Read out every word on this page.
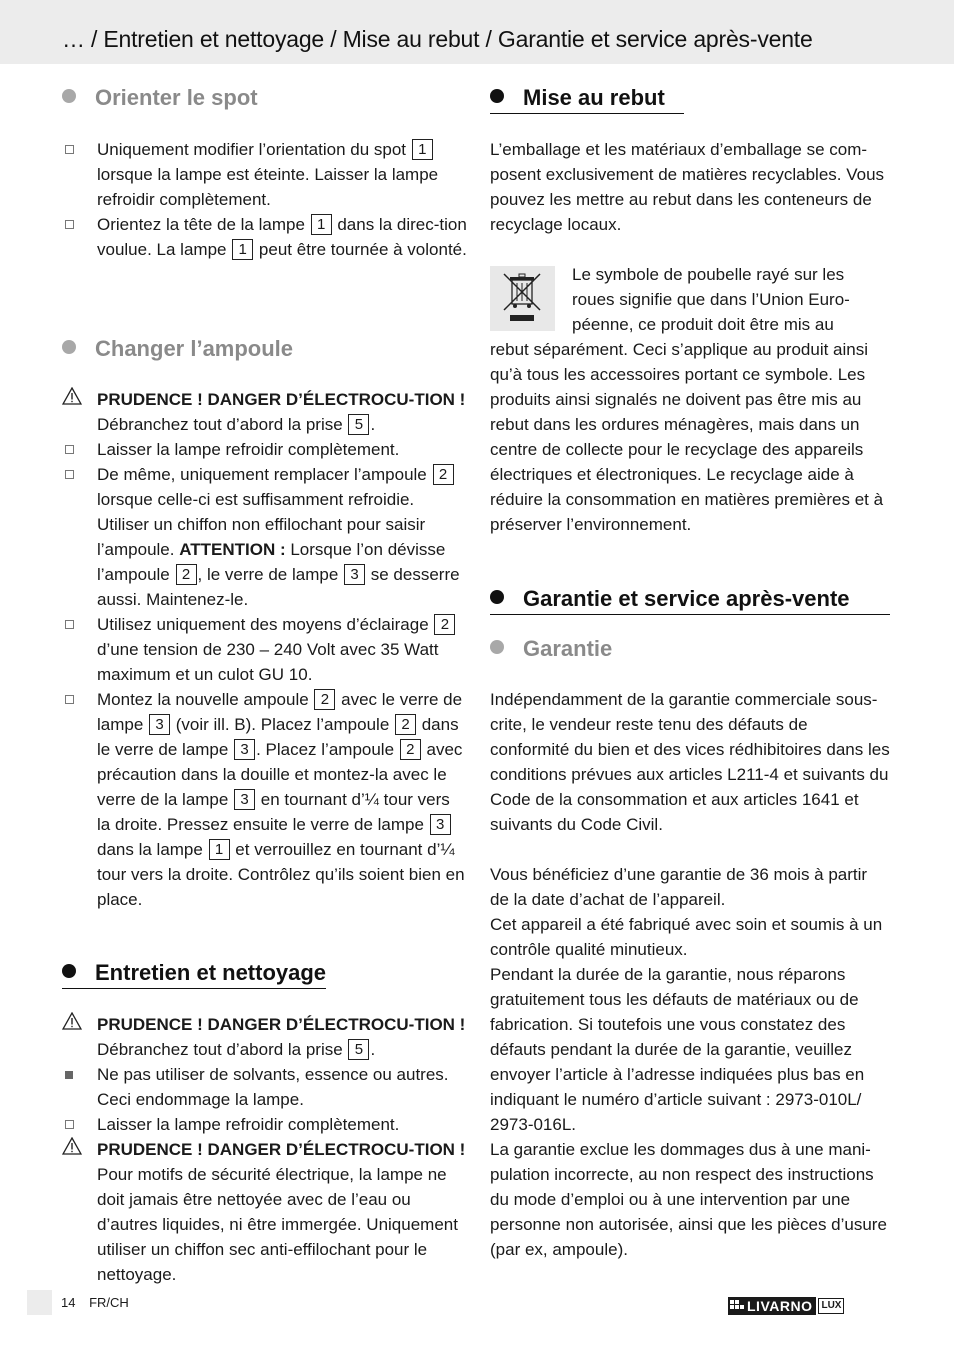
… / Entretien et nettoyage / Mise au rebut / Garantie et service après-vente
Orienter le spot
Uniquement modifier l’orientation du spot 1 lorsque la lampe est éteinte. Laisser la lampe refroidir complètement.
Orientez la tête de la lampe 1 dans la direc-tion voulue. La lampe 1 peut être tournée à volonté.
Changer l’ampoule
PRUDENCE ! DANGER D’ÉLECTROCU-TION ! Débranchez tout d’abord la prise 5 .
Laisser la lampe refroidir complètement.
De même, uniquement remplacer l’ampoule 2 lorsque celle-ci est suffisamment refroidie. Utiliser un chiffon non effilochant pour saisir l’ampoule. ATTENTION : Lorsque l’on dévisse l’ampoule 2 , le verre de lampe 3 se desserre aussi. Maintenez-le.
Utilisez uniquement des moyens d’éclairage 2 d’une tension de 230 – 240 Volt avec 35 Watt maximum et un culot GU 10.
Montez la nouvelle ampoule 2 avec le verre de lampe 3 (voir ill. B). Placez l’ampoule 2 dans le verre de lampe 3 . Placez l’ampoule 2 avec précaution dans la douille et montez-la avec le verre de la lampe 3 en tournant d’¼ tour vers la droite. Pressez ensuite le verre de lampe 3 dans la lampe 1 et verrouillez en tournant d’¼ tour vers la droite. Contrôlez qu’ils soient bien en place.
Entretien et nettoyage
PRUDENCE ! DANGER D’ÉLECTROCU-TION ! Débranchez tout d’abord la prise 5 .
Ne pas utiliser de solvants, essence ou autres. Ceci endommage la lampe.
Laisser la lampe refroidir complètement.
PRUDENCE ! DANGER D’ÉLECTROCU-TION ! Pour motifs de sécurité électrique, la lampe ne doit jamais être nettoyée avec de l’eau ou d’autres liquides, ni être immergée. Uniquement utiliser un chiffon sec anti-effilochant pour le nettoyage.
Mise au rebut
L’emballage et les matériaux d’emballage se com-posent exclusivement de matières recyclables. Vous pouvez les mettre au rebut dans les conteneurs de recyclage locaux.
Le symbole de poubelle rayé sur les roues signifie que dans l’Union Euro-péenne, ce produit doit être mis au
rebut séparément. Ceci s’applique au produit ainsi qu’à tous les accessoires portant ce symbole. Les produits ainsi signalés ne doivent pas être mis au rebut dans les ordures ménagères, mais dans un centre de collecte pour le recyclage des appareils électriques et électroniques. Le recyclage aide à réduire la consommation en matières premières et à préserver l’environnement.
Garantie et service après-vente
Garantie
Indépendamment de la garantie commerciale sous-crite, le vendeur reste tenu des défauts de conformité du bien et des vices rédhibitoires dans les conditions prévues aux articles L211-4 et suivants du Code de la consommation et aux articles 1641 et suivants du Code Civil.
Vous bénéficiez d’une garantie de 36 mois à partir de la date d’achat de l’appareil.
Cet appareil a été fabriqué avec soin et soumis à un contrôle qualité minutieux.
Pendant la durée de la garantie, nous réparons gratuitement tous les défauts de matériaux ou de fabrication. Si toutefois une vous constatez des défauts pendant la durée de la garantie, veuillez envoyer l’article à l’adresse indiquées plus bas en indiquant le numéro d’article suivant : 2973-010L/ 2973-016L.
La garantie exclue les dommages dus à une mani-pulation incorrecte, au non respect des instructions du mode d’emploi ou à une intervention par une personne non autorisée, ainsi que les pièces d’usure (par ex, ampoule).
14 FR/CH	LIVARNO LUX
